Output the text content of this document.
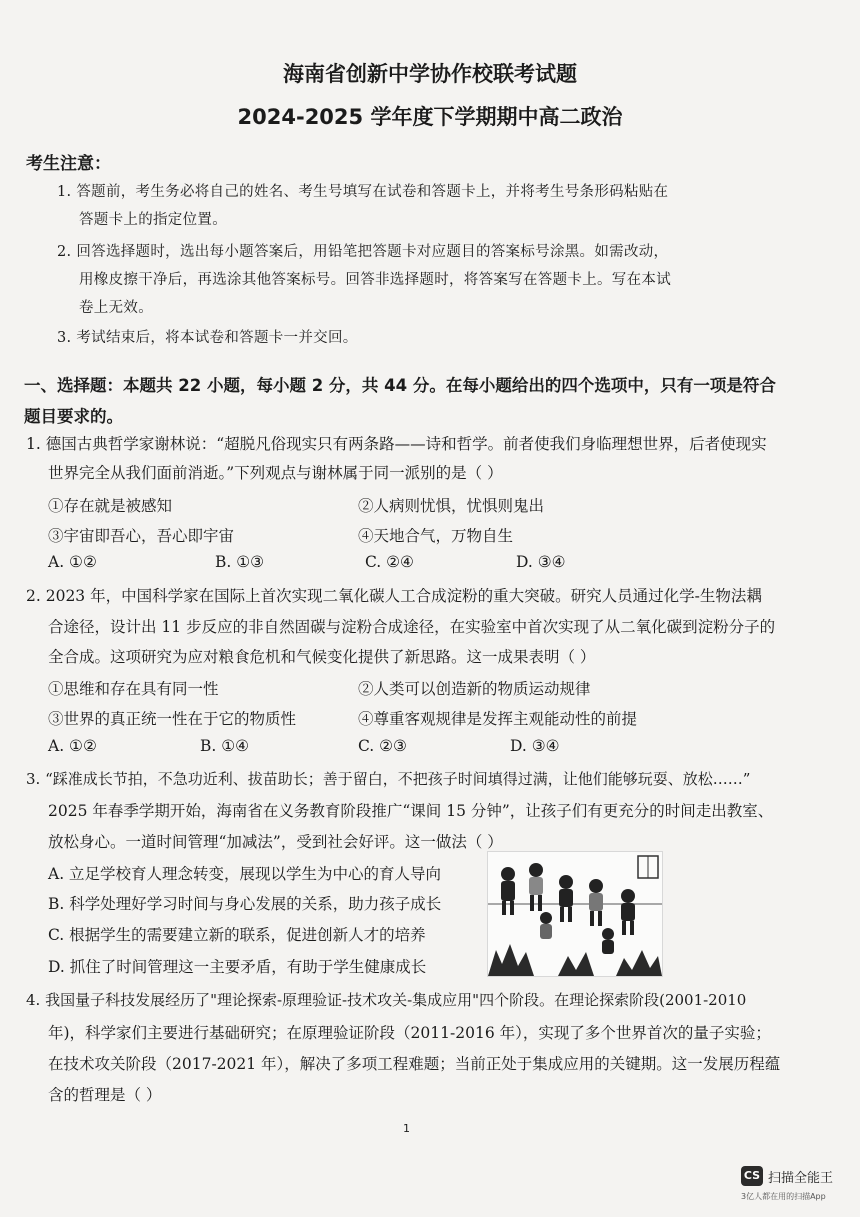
海南省创新中学协作校联考试题
2024-2025 学年度下学期期中高二政治
考生注意：
1. 答题前，考生务必将自己的姓名、考生号填写在试卷和答题卡上，并将考生号条形码粘贴在
答题卡上的指定位置。
2. 回答选择题时，选出每小题答案后，用铅笔把答题卡对应题目的答案标号涂黑。如需改动，
用橡皮擦干净后，再选涂其他答案标号。回答非选择题时，将答案写在答题卡上。写在本试
卷上无效。
3. 考试结束后，将本试卷和答题卡一并交回。
一、选择题：本题共 22 小题，每小题 2 分，共 44 分。在每小题给出的四个选项中，只有一项是符合
题目要求的。
1. 德国古典哲学家谢林说：“超脱凡俗现实只有两条路——诗和哲学。前者使我们身临理想世界，后者使现实
世界完全从我们面前消逝。”下列观点与谢林属于同一派别的是（ ）
①存在就是被感知	②人病则忧惧，忧惧则鬼出
③宇宙即吾心，吾心即宇宙	④天地合气，万物自生
A. ①②	B. ①③	C. ②④	D. ③④
2. 2023 年，中国科学家在国际上首次实现二氧化碳人工合成淀粉的重大突破。研究人员通过化学-生物法耦
合途径，设计出 11 步反应的非自然固碳与淀粉合成途径，在实验室中首次实现了从二氧化碳到淀粉分子的
全合成。这项研究为应对粮食危机和气候变化提供了新思路。这一成果表明（ ）
①思维和存在具有同一性	②人类可以创造新的物质运动规律
③世界的真正统一性在于它的物质性	④尊重客观规律是发挥主观能动性的前提
A. ①②	B. ①④	C. ②③	D. ③④
3. “踩准成长节拍，不急功近利、拔苗助长；善于留白，不把孩子时间填得过满，让他们能够玩耍、放松……”
2025 年春季学期开始，海南省在义务教育阶段推广“课间 15 分钟”，让孩子们有更充分的时间走出教室、
放松身心。一道时间管理“加减法”，受到社会好评。这一做法（ ）
A. 立足学校育人理念转变，展现以学生为中心的育人导向
B. 科学处理好学习时间与身心发展的关系，助力孩子成长
C. 根据学生的需要建立新的联系，促进创新人才的培养
D. 抓住了时间管理这一主要矛盾，有助于学生健康成长
4. 我国量子科技发展经历了"理论探索-原理验证-技术攻关-集成应用"四个阶段。在理论探索阶段(2001-2010
年)，科学家们主要进行基础研究；在原理验证阶段（2011-2016 年），实现了多个世界首次的量子实验；
在技术攻关阶段（2017-2021 年），解决了多项工程难题；当前正处于集成应用的关键期。这一发展历程蕴
含的哲理是（ ）
1
CS 扫描全能王
3亿人都在用的扫描App
